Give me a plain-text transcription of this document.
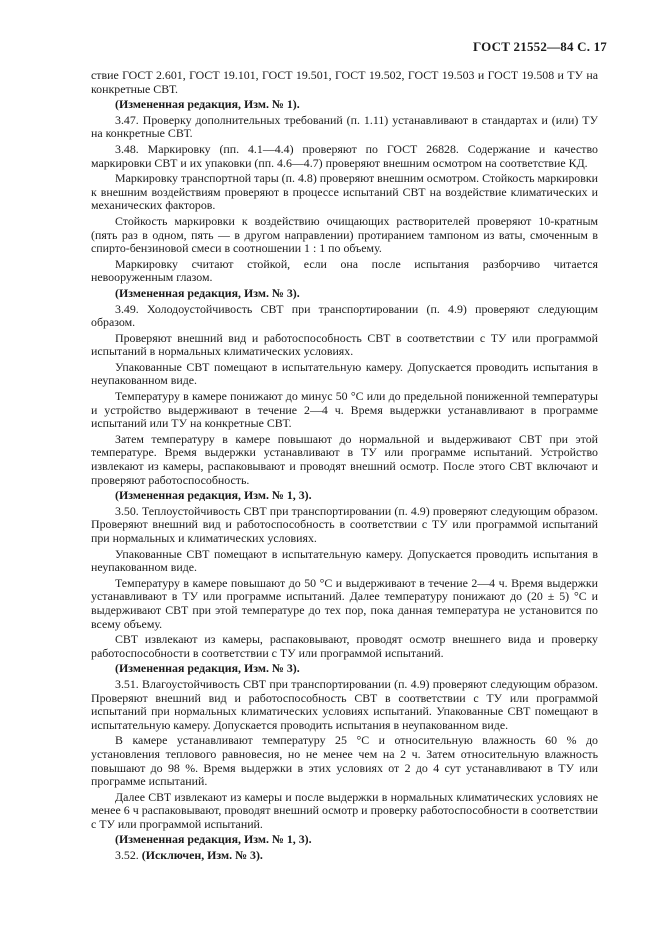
ГОСТ 21552—84 С. 17

ствие ГОСТ 2.601, ГОСТ 19.101, ГОСТ 19.501, ГОСТ 19.502, ГОСТ 19.503 и ГОСТ 19.508 и ТУ на конкретные СВТ.

(Измененная редакция, Изм. № 1).

3.47. Проверку дополнительных требований (п. 1.11) устанавливают в стандартах и (или) ТУ на конкретные СВТ.

3.48. Маркировку (пп. 4.1—4.4) проверяют по ГОСТ 26828. Содержание и качество маркировки СВТ и их упаковки (пп. 4.6—4.7) проверяют внешним осмотром на соответствие КД.

Маркировку транспортной тары (п. 4.8) проверяют внешним осмотром. Стойкость маркировки к внешним воздействиям проверяют в процессе испытаний СВТ на воздействие климатических и механических факторов.

Стойкость маркировки к воздействию очищающих растворителей проверяют 10-кратным (пять раз в одном, пять — в другом направлении) протиранием тампоном из ваты, смоченным в спирто-бензиновой смеси в соотношении 1 : 1 по объему.

Маркировку считают стойкой, если она после испытания разборчиво читается невооруженным глазом.

(Измененная редакция, Изм. № 3).

3.49. Холодоустойчивость СВТ при транспортировании (п. 4.9) проверяют следующим образом.

Проверяют внешний вид и работоспособность СВТ в соответствии с ТУ или программой испытаний в нормальных климатических условиях.

Упакованные СВТ помещают в испытательную камеру. Допускается проводить испытания в неупакованном виде.

Температуру в камере понижают до минус 50 °С или до предельной пониженной температуры и устройство выдерживают в течение 2—4 ч. Время выдержки устанавливают в программе испытаний или ТУ на конкретные СВТ.

Затем температуру в камере повышают до нормальной и выдерживают СВТ при этой температуре. Время выдержки устанавливают в ТУ или программе испытаний. Устройство извлекают из камеры, распаковывают и проводят внешний осмотр. После этого СВТ включают и проверяют работоспособность.

(Измененная редакция, Изм. № 1, 3).

3.50. Теплоустойчивость СВТ при транспортировании (п. 4.9) проверяют следующим образом. Проверяют внешний вид и работоспособность в соответствии с ТУ или программой испытаний при нормальных и климатических условиях.

Упакованные СВТ помещают в испытательную камеру. Допускается проводить испытания в неупакованном виде.

Температуру в камере повышают до 50 °С и выдерживают в течение 2—4 ч. Время выдержки устанавливают в ТУ или программе испытаний. Далее температуру понижают до (20 ± 5) °С и выдерживают СВТ при этой температуре до тех пор, пока данная температура не установится по всему объему.

СВТ извлекают из камеры, распаковывают, проводят осмотр внешнего вида и проверку работоспособности в соответствии с ТУ или программой испытаний.

(Измененная редакция, Изм. № 3).

3.51. Влагоустойчивость СВТ при транспортировании (п. 4.9) проверяют следующим образом. Проверяют внешний вид и работоспособность СВТ в соответствии с ТУ или программой испытаний при нормальных климатических условиях испытаний. Упакованные СВТ помещают в испытательную камеру. Допускается проводить испытания в неупакованном виде.

В камере устанавливают температуру 25 °С и относительную влажность 60 % до установления теплового равновесия, но не менее чем на 2 ч. Затем относительную влажность повышают до 98 %. Время выдержки в этих условиях от 2 до 4 сут устанавливают в ТУ или программе испытаний.

Далее СВТ извлекают из камеры и после выдержки в нормальных климатических условиях не менее 6 ч распаковывают, проводят внешний осмотр и проверку работоспособности в соответствии с ТУ или программой испытаний.

(Измененная редакция, Изм. № 1, 3).

3.52. (Исключен, Изм. № 3).
